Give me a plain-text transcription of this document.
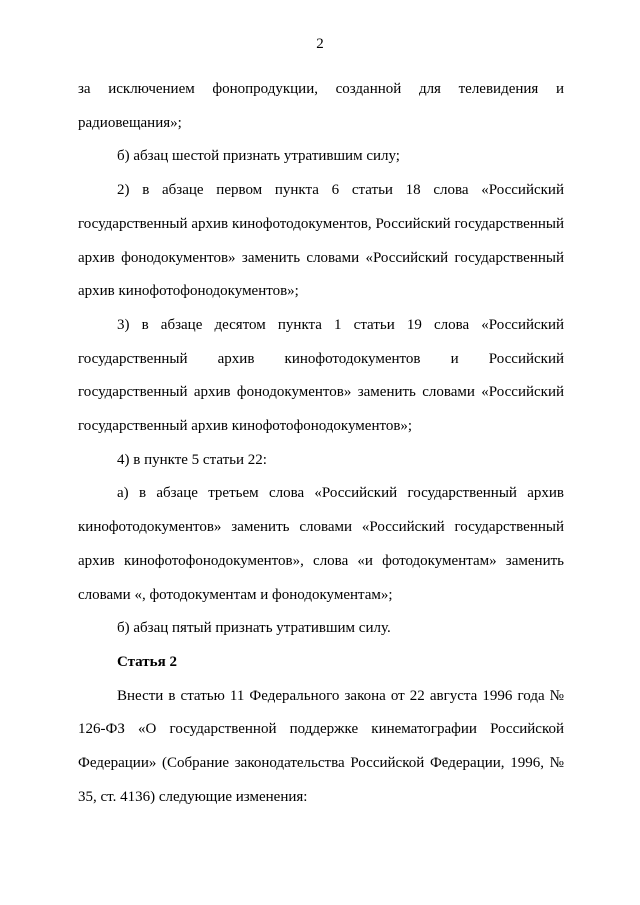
2

за исключением фонопродукции, созданной для телевидения и радиовещания»;

б) абзац шестой признать утратившим силу;

2) в абзаце первом пункта 6 статьи 18 слова «Российский государственный архив кинофотодокументов, Российский государственный архив фонодокументов» заменить словами «Российский государственный архив кинофотофонодокументов»;

3) в абзаце десятом пункта 1 статьи 19 слова «Российский государственный архив кинофотодокументов и Российский государственный архив фонодокументов» заменить словами «Российский государственный архив кинофотофонодокументов»;

4) в пункте 5 статьи 22:

а) в абзаце третьем слова «Российский государственный архив кинофотодокументов» заменить словами «Российский государственный архив кинофотофонодокументов», слова «и фотодокументам» заменить словами «, фотодокументам и фонодокументам»;

б) абзац пятый признать утратившим силу.

Статья 2

Внести в статью 11 Федерального закона от 22 августа 1996 года № 126-ФЗ «О государственной поддержке кинематографии Российской Федерации» (Собрание законодательства Российской Федерации, 1996, № 35, ст. 4136) следующие изменения:
